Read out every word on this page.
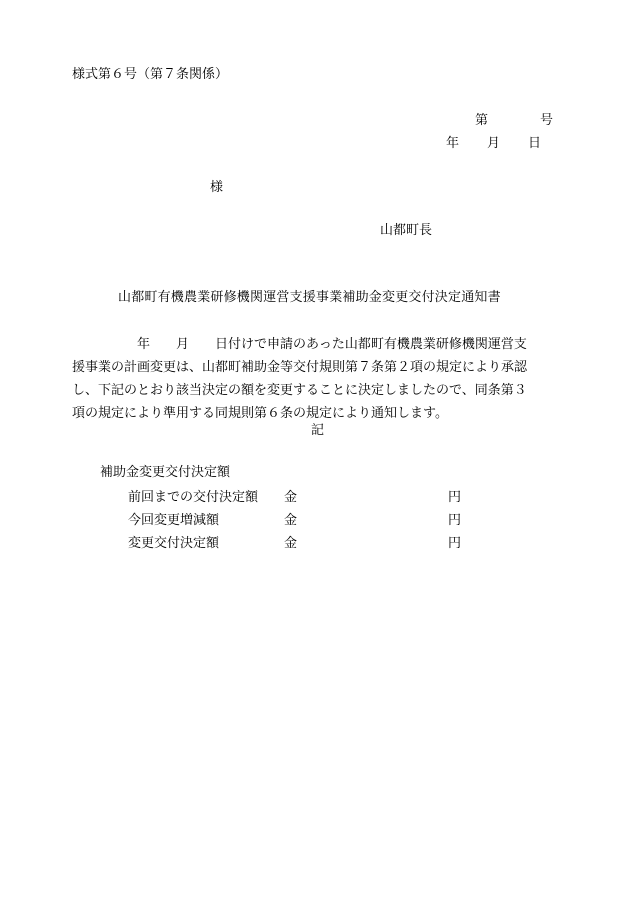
様式第６号（第７条関係）
第	号
年 月 日
様
山都町長
山都町有機農業研修機関運営支援事業補助金変更交付決定通知書
　　　　　年　　月　　日付けで申請のあった山都町有機農業研修機関運営支
援事業の計画変更は、山都町補助金等交付規則第７条第２項の規定により承認
し、下記のとおり該当決定の額を変更することに決定しましたので、同条第３
項の規定により準用する同規則第６条の規定により通知します。
記
補助金変更交付決定額
前回までの交付決定額	金	円
今回変更増減額	金	円
変更交付決定額	金	円
